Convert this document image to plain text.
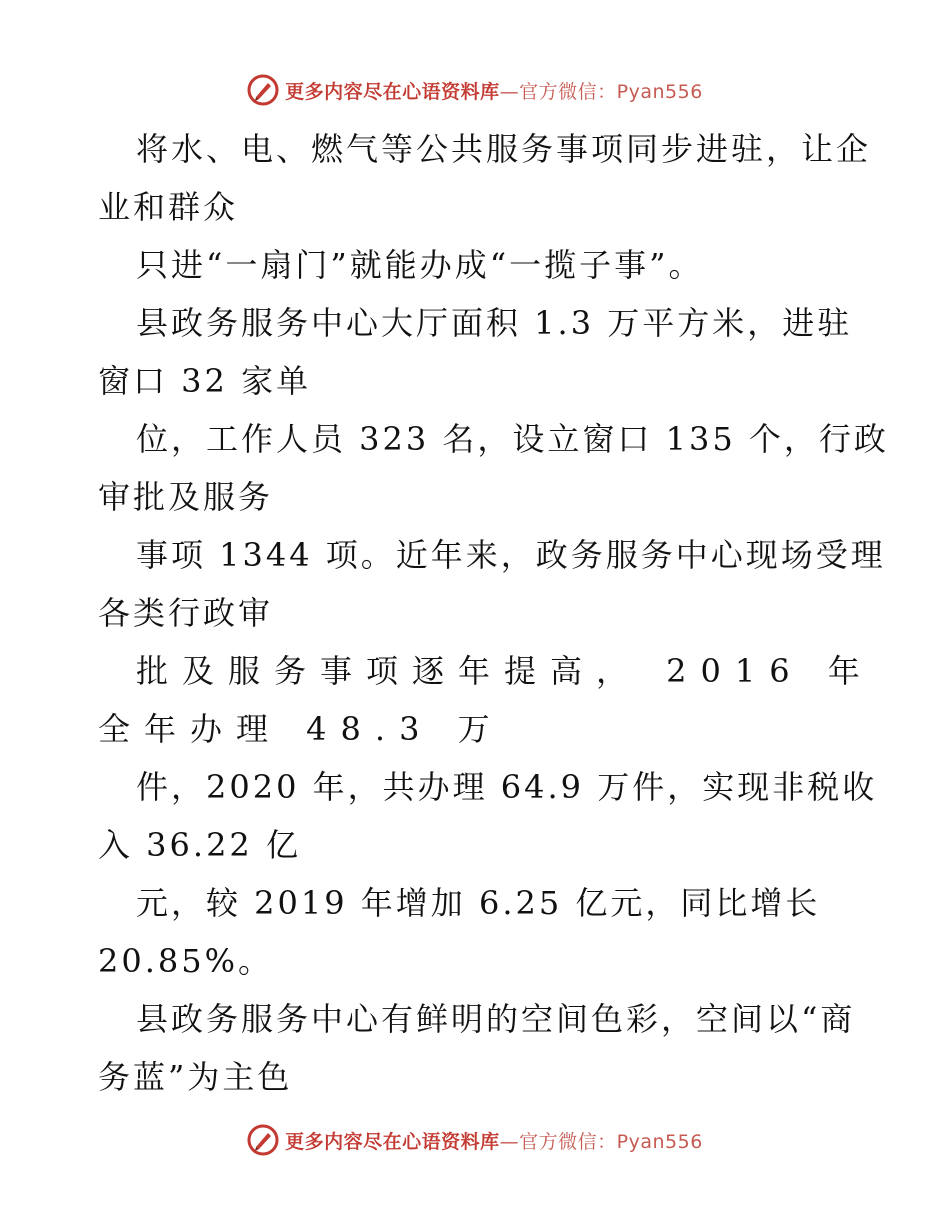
更多内容尽在心语资料库—官方微信：Pyan556
将水、电、燃气等公共服务事项同步进驻，让企
业和群众
只进“一扇门”就能办成“一揽子事”。
县政务服务中心大厅面积 1.3 万平方米，进驻
窗口 32 家单
位，工作人员 323 名，设立窗口 135 个，行政
审批及服务
事项 1344 项。近年来，政务服务中心现场受理
各类行政审
批及服务事项逐年提高， 2016 年
全年办理 48.3 万
件，2020 年，共办理 64.9 万件，实现非税收
入 36.22 亿
元，较 2019 年增加 6.25 亿元，同比增长
20.85%。
县政务服务中心有鲜明的空间色彩，空间以“商
务蓝”为主色
更多内容尽在心语资料库—官方微信：Pyan556
